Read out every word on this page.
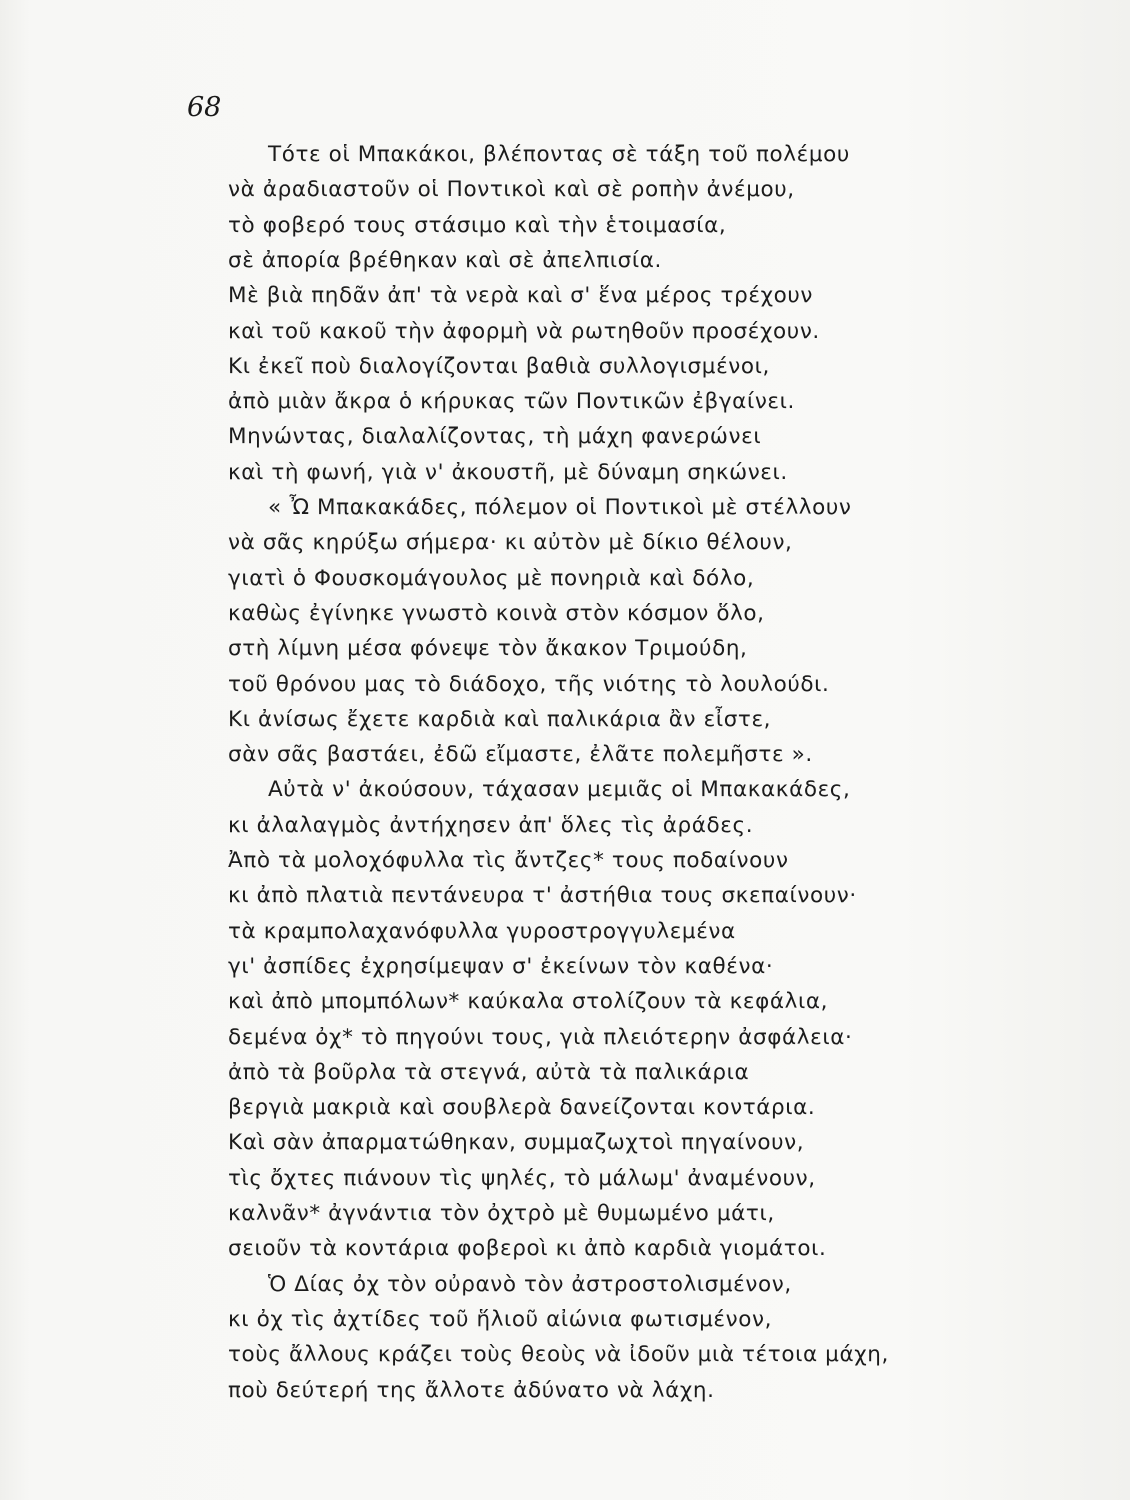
68
Τότε οἱ Μπακάκοι, βλέποντας σὲ τάξη τοῦ πολέμου
νὰ ἀραδιαστοῦν οἱ Ποντικοὶ καὶ σὲ ροπὴν ἀνέμου,
τὸ φοβερό τους στάσιμο καὶ τὴν ἑτοιμασία,
σὲ ἀπορία βρέθηκαν καὶ σὲ ἀπελπισία.
Μὲ βιὰ πηδᾶν ἀπ' τὰ νερὰ καὶ σ' ἕνα μέρος τρέχουν
καὶ τοῦ κακοῦ τὴν ἀφορμὴ νὰ ρωτηθοῦν προσέχουν.
Κι ἐκεῖ ποὺ διαλογίζονται βαθιὰ συλλογισμένοι,
ἀπὸ μιὰν ἄκρα ὁ κήρυκας τῶν Ποντικῶν ἐβγαίνει.
Μηνώντας, διαλαλίζοντας, τὴ μάχη φανερώνει
καὶ τὴ φωνή, γιὰ ν' ἀκουστῆ, μὲ δύναμη σηκώνει.
« Ὦ Μπακακάδες, πόλεμον οἱ Ποντικοὶ μὲ στέλλουν
νὰ σᾶς κηρύξω σήμερα· κι αὐτὸν μὲ δίκιο θέλουν,
γιατὶ ὁ Φουσκομάγουλος μὲ πονηριὰ καὶ δόλο,
καθὼς ἐγίνηκε γνωστὸ κοινὰ στὸν κόσμον ὅλο,
στὴ λίμνη μέσα φόνεψε τὸν ἄκακον Τριμούδη,
τοῦ θρόνου μας τὸ διάδοχο, τῆς νιότης τὸ λουλούδι.
Κι ἀνίσως ἔχετε καρδιὰ καὶ παλικάρια ἂν εἶστε,
σὰν σᾶς βαστάει, ἐδῶ εἴμαστε, ἐλᾶτε πολεμῆστε ».
Αὐτὰ ν' ἀκούσουν, τάχασαν μεμιᾶς οἱ Μπακακάδες,
κι ἀλαλαγμὸς ἀντήχησεν ἀπ' ὅλες τὶς ἀράδες.
Ἀπὸ τὰ μολοχόφυλλα τὶς ἄντζες* τους ποδαίνουν
κι ἀπὸ πλατιὰ πεντάνευρα τ' ἀστήθια τους σκεπαίνουν·
τὰ κραμπολαχανόφυλλα γυροστρογγυλεμένα
γι' ἀσπίδες ἐχρησίμεψαν σ' ἐκείνων τὸν καθένα·
καὶ ἀπὸ μπομπόλων* καύκαλα στολίζουν τὰ κεφάλια,
δεμένα ὀχ* τὸ πηγούνι τους, γιὰ πλειότερην ἀσφάλεια·
ἀπὸ τὰ βοῦρλα τὰ στεγνά, αὐτὰ τὰ παλικάρια
βεργιὰ μακριὰ καὶ σουβλερὰ δανείζονται κοντάρια.
Καὶ σὰν ἀπαρματώθηκαν, συμμαζωχτοὶ πηγαίνουν,
τὶς ὄχτες πιάνουν τὶς ψηλές, τὸ μάλωμ' ἀναμένουν,
καλνᾶν* ἀγνάντια τὸν ὀχτρὸ μὲ θυμωμένο μάτι,
σειοῦν τὰ κοντάρια φοβεροὶ κι ἀπὸ καρδιὰ γιομάτοι.
Ὁ Δίας ὀχ τὸν οὐρανὸ τὸν ἀστροστολισμένον,
κι ὀχ τὶς ἀχτίδες τοῦ ἥλιοῦ αἰώνια φωτισμένον,
τοὺς ἄλλους κράζει τοὺς θεοὺς νὰ ἰδοῦν μιὰ τέτοια μάχη,
ποὺ δεύτερή της ἄλλοτε ἀδύνατο νὰ λάχη.
